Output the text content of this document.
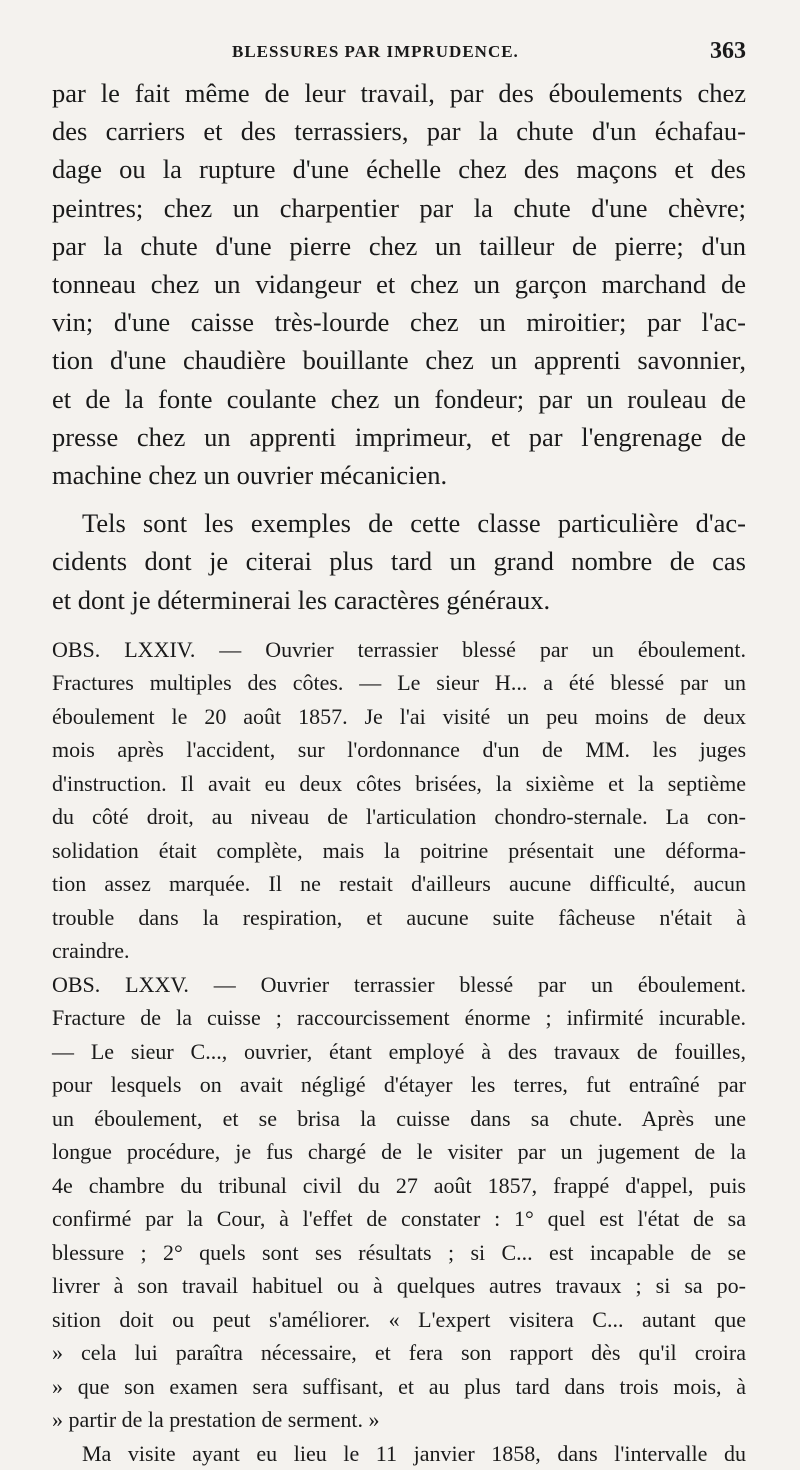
BLESSURES PAR IMPRUDENCE.	363
par le fait même de leur travail, par des éboulements chez
des carriers et des terrassiers, par la chute d'un échafau-
dage ou la rupture d'une échelle chez des maçons et des
peintres; chez un charpentier par la chute d'une chèvre;
par la chute d'une pierre chez un tailleur de pierre; d'un
tonneau chez un vidangeur et chez un garçon marchand de
vin; d'une caisse très-lourde chez un miroitier; par l'ac-
tion d'une chaudière bouillante chez un apprenti savonnier,
et de la fonte coulante chez un fondeur; par un rouleau de
presse chez un apprenti imprimeur, et par l'engrenage de
machine chez un ouvrier mécanicien.
Tels sont les exemples de cette classe particulière d'ac-
cidents dont je citerai plus tard un grand nombre de cas
et dont je déterminerai les caractères généraux.
OBS. LXXIV. — Ouvrier terrassier blessé par un éboulement.
Fractures multiples des côtes. — Le sieur H... a été blessé par un
éboulement le 20 août 1857. Je l'ai visité un peu moins de deux
mois après l'accident, sur l'ordonnance d'un de MM. les juges
d'instruction. Il avait eu deux côtes brisées, la sixième et la septième
du côté droit, au niveau de l'articulation chondro-sternale. La con-
solidation était complète, mais la poitrine présentait une déforma-
tion assez marquée. Il ne restait d'ailleurs aucune difficulté, aucun
trouble dans la respiration, et aucune suite fâcheuse n'était à
craindre.
OBS. LXXV. — Ouvrier terrassier blessé par un éboulement.
Fracture de la cuisse ; raccourcissement énorme ; infirmité incurable.
— Le sieur C..., ouvrier, étant employé à des travaux de fouilles,
pour lesquels on avait négligé d'étayer les terres, fut entraîné par
un éboulement, et se brisa la cuisse dans sa chute. Après une
longue procédure, je fus chargé de le visiter par un jugement de la
4e chambre du tribunal civil du 27 août 1857, frappé d'appel, puis
confirmé par la Cour, à l'effet de constater : 1° quel est l'état de sa
blessure ; 2° quels sont ses résultats ; si C... est incapable de se
livrer à son travail habituel ou à quelques autres travaux ; si sa po-
sition doit ou peut s'améliorer. « L'expert visitera C... autant que
» cela lui paraîtra nécessaire, et fera son rapport dès qu'il croira
» que son examen sera suffisant, et au plus tard dans trois mois, à
» partir de la prestation de serment. »
Ma visite ayant eu lieu le 11 janvier 1858, dans l'intervalle du
